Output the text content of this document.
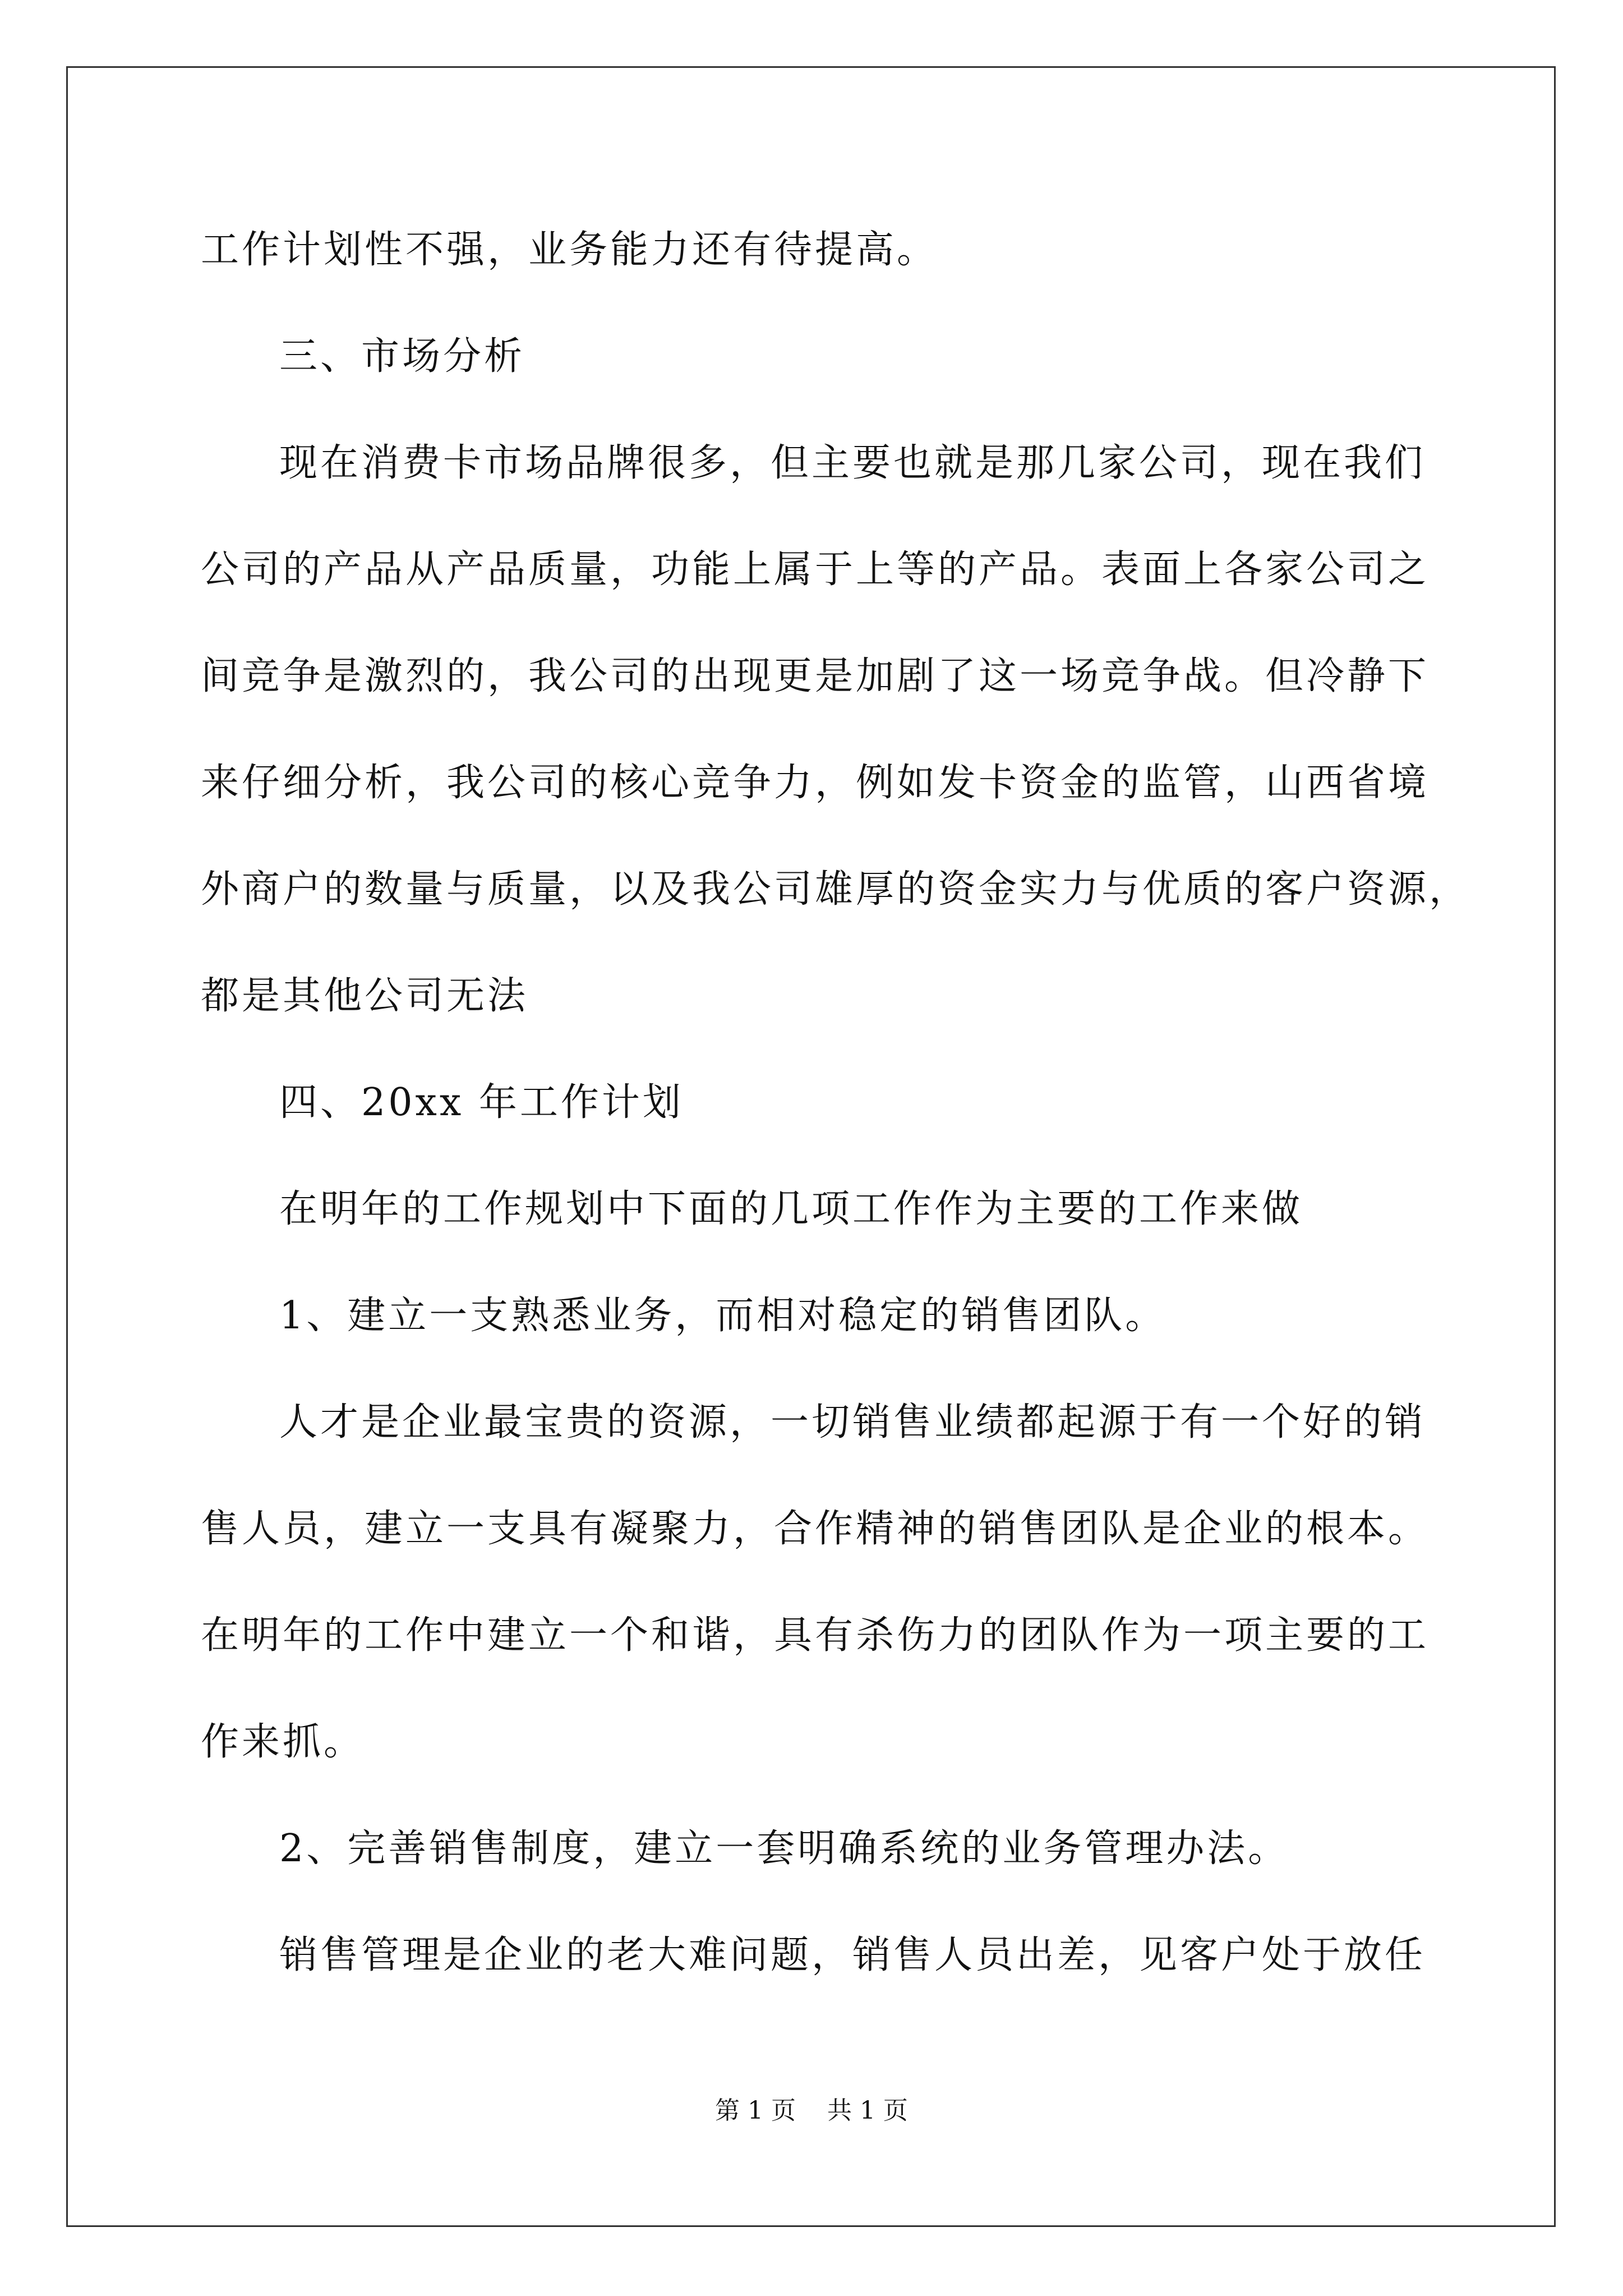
工作计划性不强，业务能力还有待提高。
三、市场分析
现在消费卡市场品牌很多，但主要也就是那几家公司，现在我们
公司的产品从产品质量，功能上属于上等的产品。表面上各家公司之
间竞争是激烈的，我公司的出现更是加剧了这一场竞争战。但冷静下
来仔细分析，我公司的核心竞争力，例如发卡资金的监管，山西省境
外商户的数量与质量，以及我公司雄厚的资金实力与优质的客户资源，
都是其他公司无法
四、20xx 年工作计划
在明年的工作规划中下面的几项工作作为主要的工作来做
1、建立一支熟悉业务，而相对稳定的销售团队。
人才是企业最宝贵的资源，一切销售业绩都起源于有一个好的销
售人员，建立一支具有凝聚力，合作精神的销售团队是企业的根本。
在明年的工作中建立一个和谐，具有杀伤力的团队作为一项主要的工
作来抓。
2、完善销售制度，建立一套明确系统的业务管理办法。
销售管理是企业的老大难问题，销售人员出差，见客户处于放任
第 1 页    共 1 页
